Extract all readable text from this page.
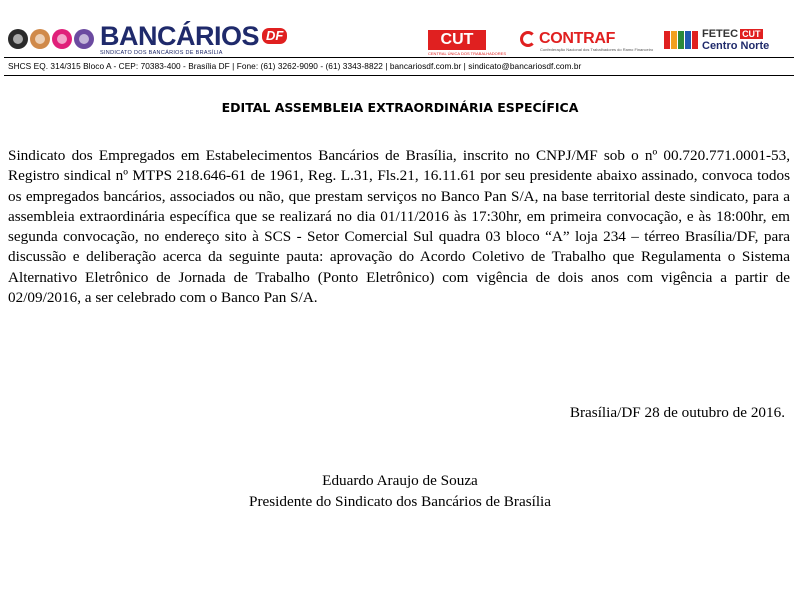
BANCÁRIOS DF
SINDICATO DOS BANCÁRIOS DE BRASÍLIA
CUT
CENTRAL ÚNICA DOS TRABALHADORES
CONTRAF
Confederação Nacional dos Trabalhadores do Ramo Financeiro
FETEC CUT
Centro Norte
SHCS EQ. 314/315 Bloco A - CEP: 70383-400 - Brasília DF | Fone: (61) 3262-9090 - (61) 3343-8822 | bancariosdf.com.br | sindicato@bancariosdf.com.br
EDITAL ASSEMBLEIA EXTRAORDINÁRIA ESPECÍFICA
Sindicato dos Empregados em Estabelecimentos Bancários de Brasília, inscrito no CNPJ/MF sob o nº 00.720.771.0001-53, Registro sindical nº MTPS 218.646-61 de 1961, Reg. L.31, Fls.21, 16.11.61 por seu presidente abaixo assinado, convoca todos os empregados bancários, associados ou não, que prestam serviços no Banco Pan S/A, na base territorial deste sindicato, para a assembleia extraordinária específica que se realizará no dia 01/11/2016 às 17:30hr, em primeira convocação, e às 18:00hr, em segunda convocação, no endereço sito à SCS - Setor Comercial Sul quadra 03 bloco “A” loja 234 – térreo Brasília/DF, para discussão e deliberação acerca da seguinte pauta: aprovação do Acordo Coletivo de Trabalho que Regulamenta o Sistema Alternativo Eletrônico de Jornada de Trabalho (Ponto Eletrônico) com vigência de dois anos com vigência a partir de 02/09/2016, a ser celebrado com o Banco Pan S/A.
Brasília/DF 28 de outubro de 2016.
Eduardo Araujo de Souza
Presidente do Sindicato dos Bancários de Brasília
